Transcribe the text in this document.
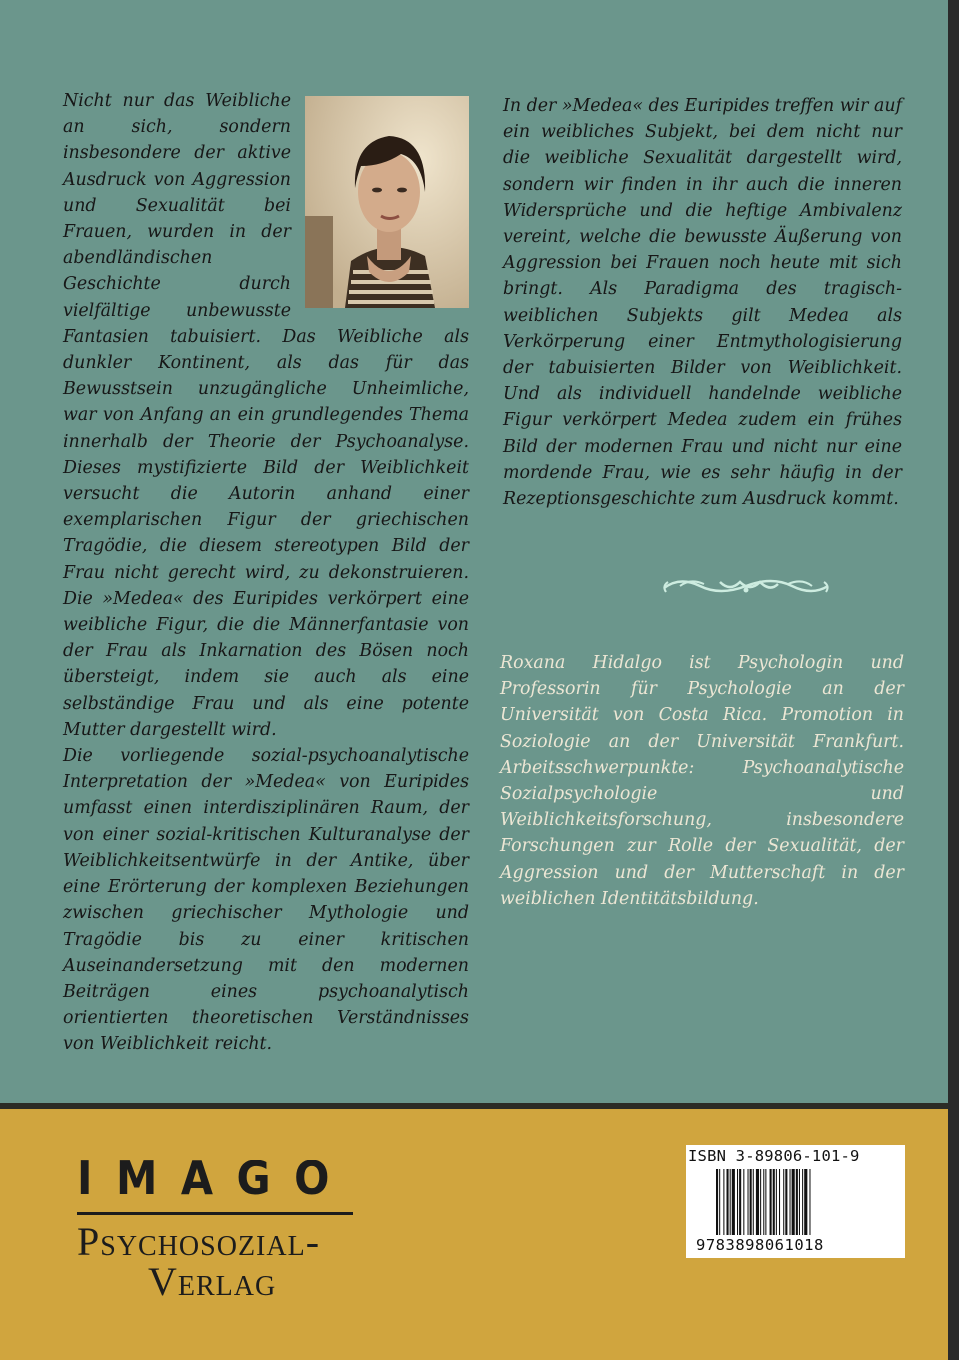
Nicht nur das Weibliche an sich, sondern insbesondere der aktive Ausdruck von Aggression und Sexualität bei Frauen, wurden in der abendländischen Geschichte durch vielfältige unbewusste Fantasien tabuisiert. Das Weibliche als dunkler Kontinent, als das für das Bewusstsein unzugängliche Unheimliche, war von Anfang an ein grundlegendes Thema innerhalb der Theorie der Psychoanalyse. Dieses mystifizierte Bild der Weiblichkeit versucht die Autorin anhand einer exemplarischen Figur der griechischen Tragödie, die diesem stereotypen Bild der Frau nicht gerecht wird, zu dekonstruieren. Die »Medea« des Euripides verkörpert eine weibliche Figur, die die Männerfantasie von der Frau als Inkarnation des Bösen noch übersteigt, indem sie auch als eine selbständige Frau und als eine potente Mutter dargestellt wird.

Die vorliegende sozial-psychoanalytische Interpretation der »Medea« von Euripides umfasst einen interdisziplinären Raum, der von einer sozial-kritischen Kulturanalyse der Weiblichkeitsentwürfe in der Antike, über eine Erörterung der komplexen Beziehungen zwischen griechischer Mythologie und Tragödie bis zu einer kritischen Auseinandersetzung mit den modernen Beiträgen eines psychoanalytisch orientierten theoretischen Verständnisses von Weiblichkeit reicht.

In der »Medea« des Euripides treffen wir auf ein weibliches Subjekt, bei dem nicht nur die weibliche Sexualität dargestellt wird, sondern wir finden in ihr auch die inneren Widersprüche und die heftige Ambivalenz vereint, welche die bewusste Äußerung von Aggression bei Frauen noch heute mit sich bringt. Als Paradigma des tragisch-weiblichen Subjekts gilt Medea als Verkörperung einer Entmythologisierung der tabuisierten Bilder von Weiblichkeit. Und als individuell handelnde weibliche Figur verkörpert Medea zudem ein frühes Bild der modernen Frau und nicht nur eine mordende Frau, wie es sehr häufig in der Rezeptionsgeschichte zum Ausdruck kommt.

Roxana Hidalgo ist Psychologin und Professorin für Psychologie an der Universität von Costa Rica. Promotion in Soziologie an der Universität Frankfurt. Arbeitsschwerpunkte: Psychoanalytische Sozialpsychologie und Weiblichkeitsforschung, insbesondere Forschungen zur Rolle der Sexualität, der Aggression und der Mutterschaft in der weiblichen Identitätsbildung.

IMAGO
Psychosozial-
Verlag
ISBN 3-89806-101-9
9783898061018
